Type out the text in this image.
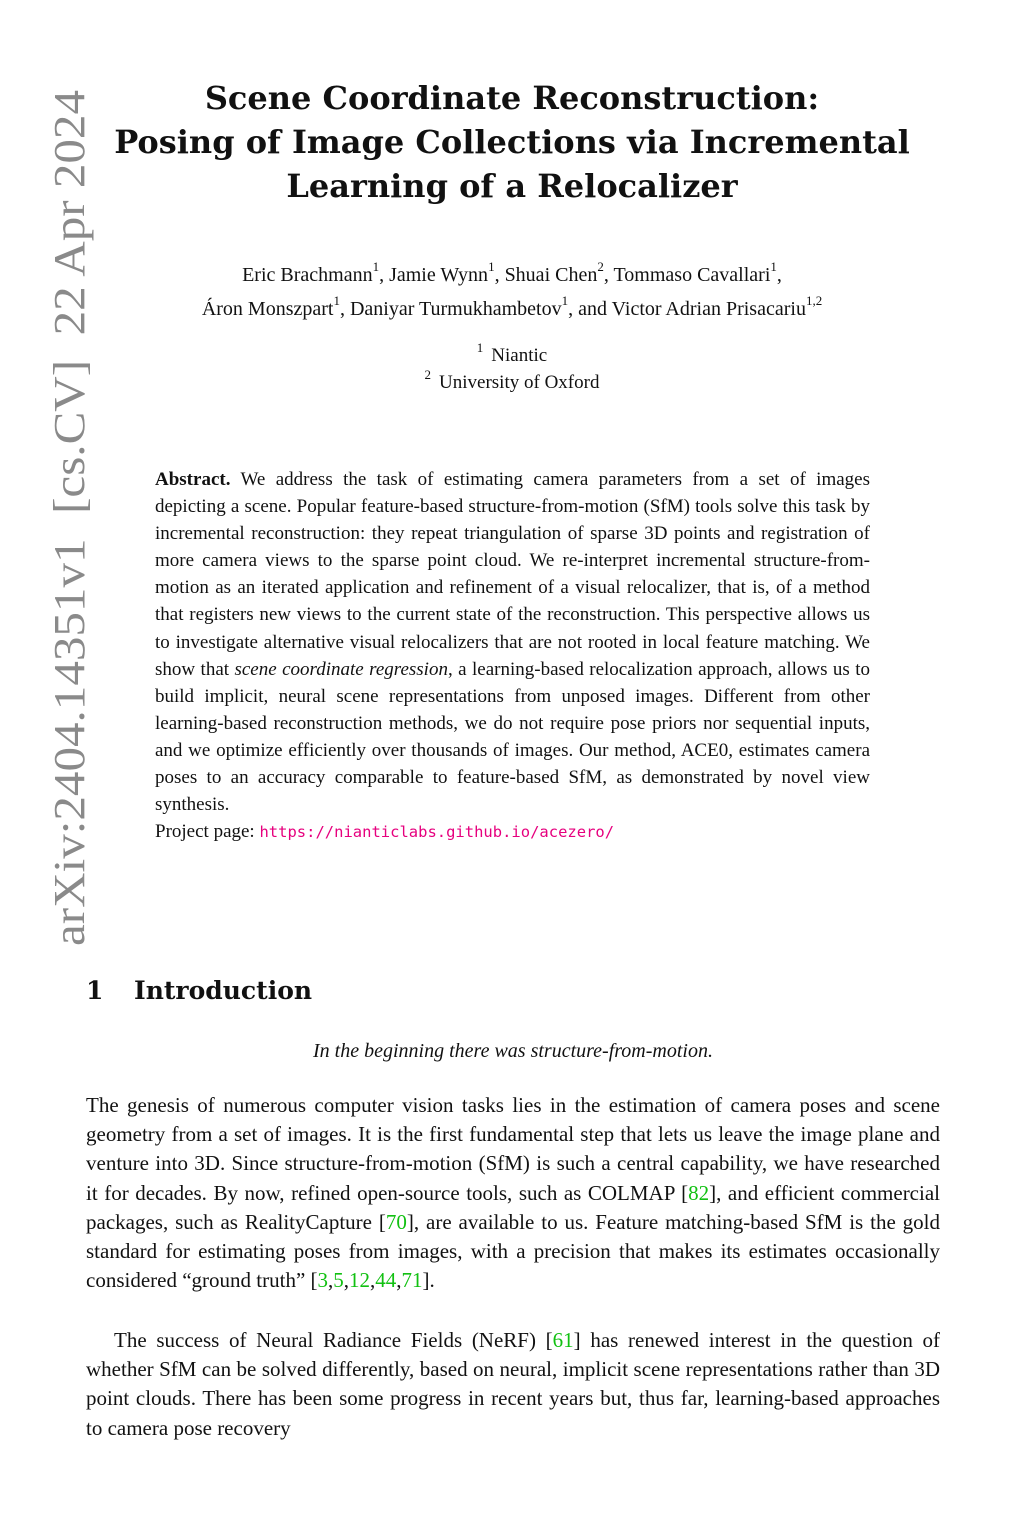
arXiv:2404.14351v1  [cs.CV]  22 Apr 2024
Scene Coordinate Reconstruction:
Posing of Image Collections via Incremental
Learning of a Relocalizer
Eric Brachmann$^1$, Jamie Wynn$^1$, Shuai Chen$^2$, Tommaso Cavallari$^1$,
Áron Monszpart$^1$, Daniyar Turmukhambetov$^1$, and Victor Adrian Prisacariu$^{1,2}$
$^1$ Niantic
$^2$ University of Oxford
Abstract. We address the task of estimating camera parameters from a set of images depicting a scene. Popular feature-based structure-from-motion (SfM) tools solve this task by incremental reconstruction: they repeat triangulation of sparse 3D points and registration of more camera views to the sparse point cloud. We re-interpret incremental structure-from-motion as an iterated application and refinement of a visual relocalizer, that is, of a method that registers new views to the current state of the reconstruction. This perspective allows us to investigate alternative visual relocalizers that are not rooted in local feature matching. We show that scene coordinate regression, a learning-based relocalization approach, allows us to build implicit, neural scene representations from unposed images. Different from other learning-based reconstruction methods, we do not require pose priors nor sequential inputs, and we optimize efficiently over thousands of images. Our method, ACE0, estimates camera poses to an accuracy comparable to feature-based SfM, as demonstrated by novel view synthesis.
Project page: https://nianticlabs.github.io/acezero/
1 Introduction
In the beginning there was structure-from-motion.
The genesis of numerous computer vision tasks lies in the estimation of camera poses and scene geometry from a set of images. It is the first fundamental step that lets us leave the image plane and venture into 3D. Since structure-from-motion (SfM) is such a central capability, we have researched it for decades. By now, refined open-source tools, such as COLMAP [82], and efficient commercial packages, such as RealityCapture [70], are available to us. Feature matching-based SfM is the gold standard for estimating poses from images, with a precision that makes its estimates occasionally considered “ground truth” [3,5,12,44,71].
The success of Neural Radiance Fields (NeRF) [61] has renewed interest in the question of whether SfM can be solved differently, based on neural, implicit scene representations rather than 3D point clouds. There has been some progress in recent years but, thus far, learning-based approaches to camera pose recovery
